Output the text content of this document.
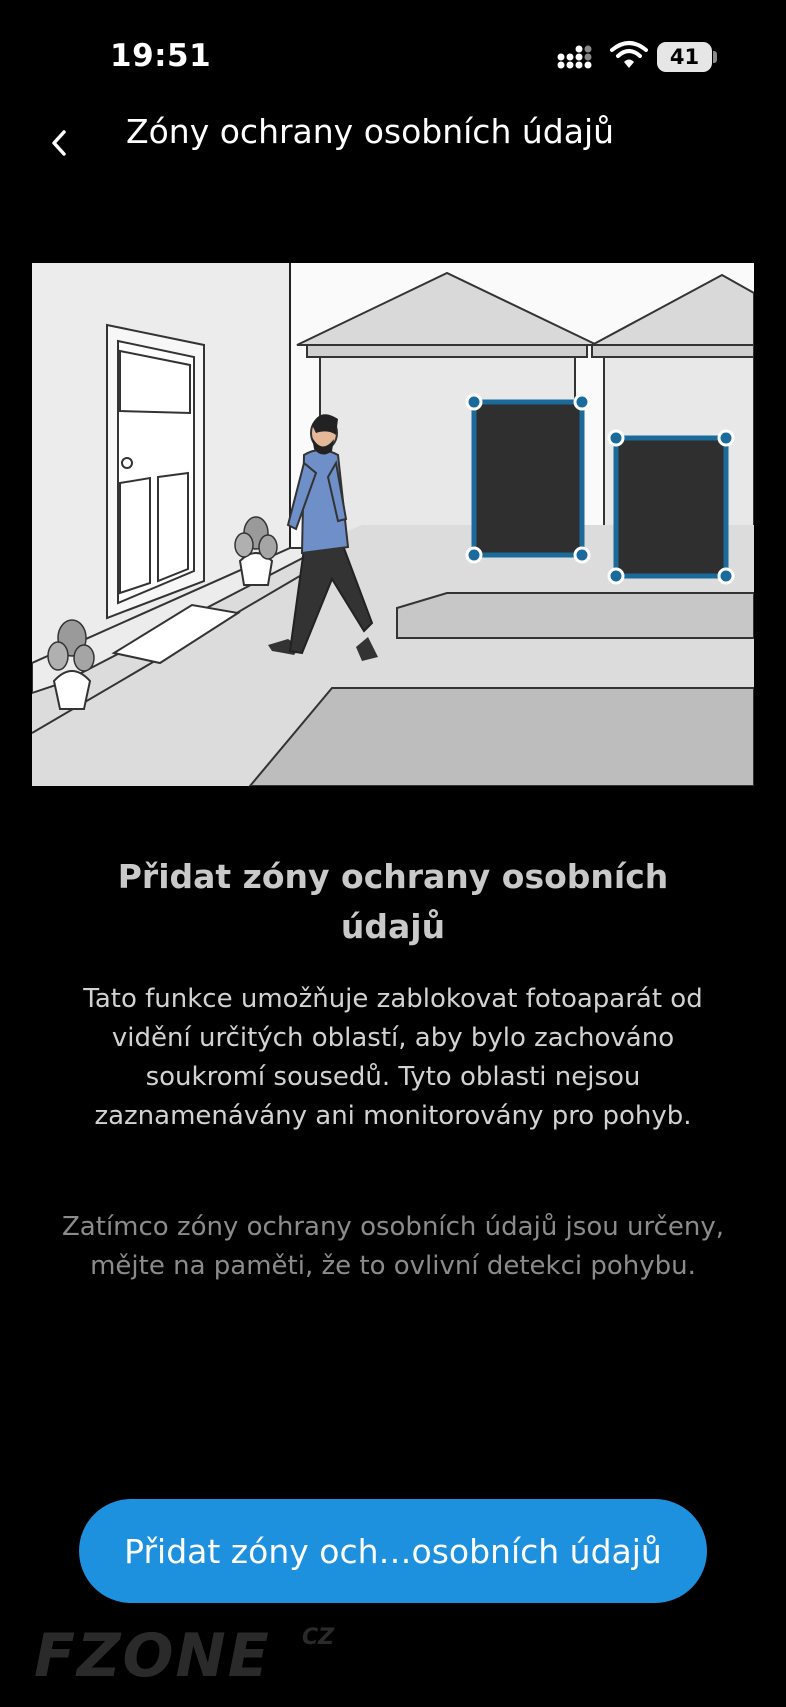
19:51	41
Zóny ochrany osobních údajů
Přidat zóny ochrany osobních údajů
Tato funkce umožňuje zablokovat fotoaparát od vidění určitých oblastí, aby bylo zachováno soukromí sousedů. Tyto oblasti nejsou zaznamenávány ani monitorovány pro pohyb.
Zatímco zóny ochrany osobních údajů jsou určeny, mějte na paměti, že to ovlivní detekci pohybu.
Přidat zóny och…osobních údajů
FZONE CZ
